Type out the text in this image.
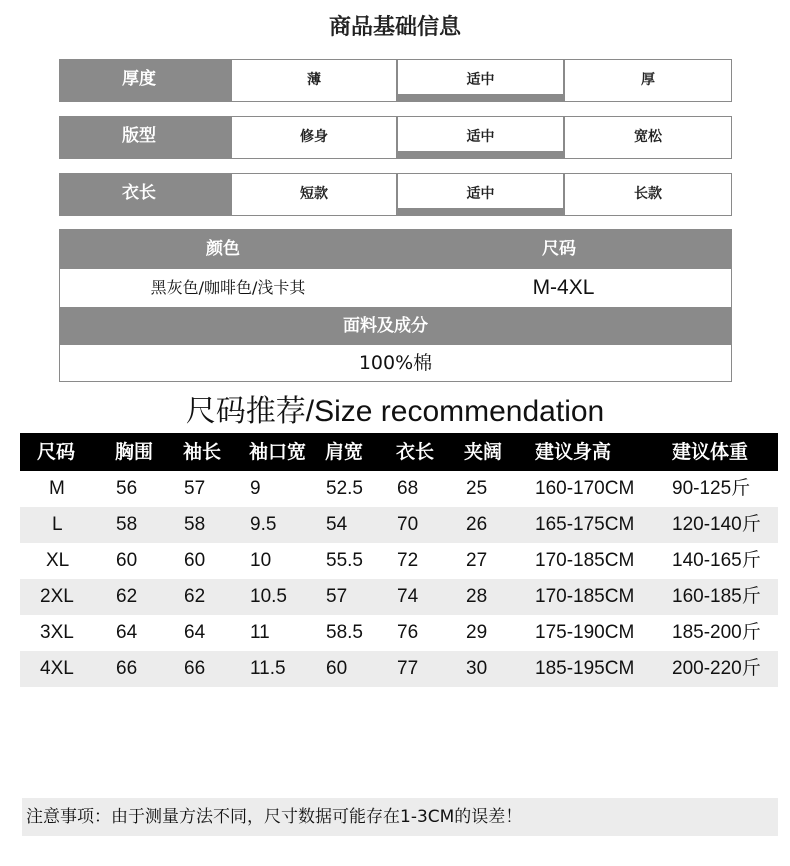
商品基础信息
厚度	薄	适中	厚
版型	修身	适中	宽松
衣长	短款	适中	长款
颜色	尺码
黑灰色/咖啡色/浅卡其	M-4XL
面料及成分
100%棉
尺码推荐/Size recommendation
尺码 胸围 袖长 袖口宽 肩宽 衣长 夹阔 建议身高	建议体重
M	56 57 9	52.5 68	25	160-170CM 90-125斤
L	58 58 9.5	54	70	26	165-175CM 120-140斤
XL 60 60 10	55.5 72	27	170-185CM 140-165斤
2XL 62 62 10.5 57	74	28	170-185CM 160-185斤
3XL 64 64 11	58.5 76	29	175-190CM 185-200斤
4XL 66 66 11.5 60	77	30	185-195CM 200-220斤
注意事项：由于测量方法不同，尺寸数据可能存在1-3CM的误差！
